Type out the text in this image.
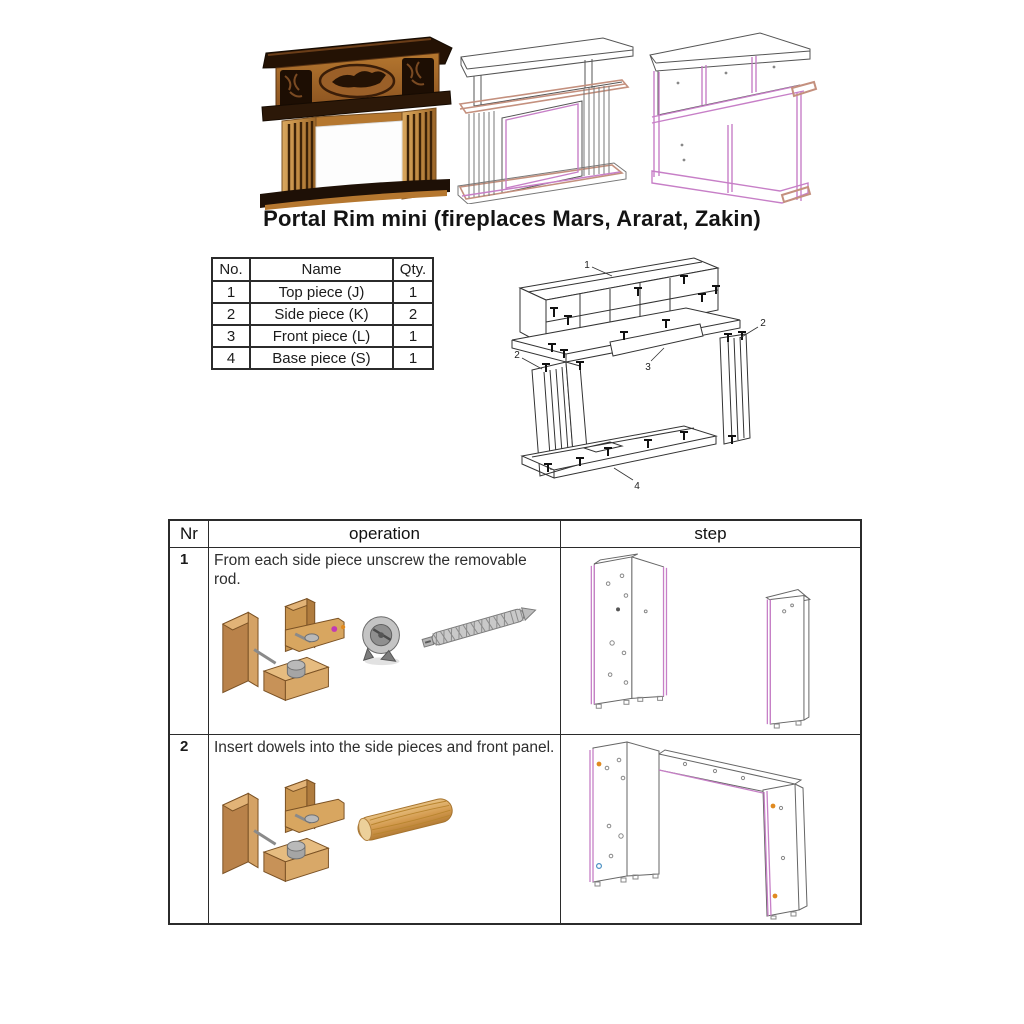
Portal Rim mini (fireplaces Mars, Ararat, Zakin)
No.	Name	Qty.
1	Top piece (J)	1
2	Side piece (K)	2
3	Front piece (L)	1
4	Base piece (S)	1
1
2
3
2
4
Nr	operation	step
1	From each side piece unscrew the removable rod.
2	Insert dowels into the side pieces and front panel.
